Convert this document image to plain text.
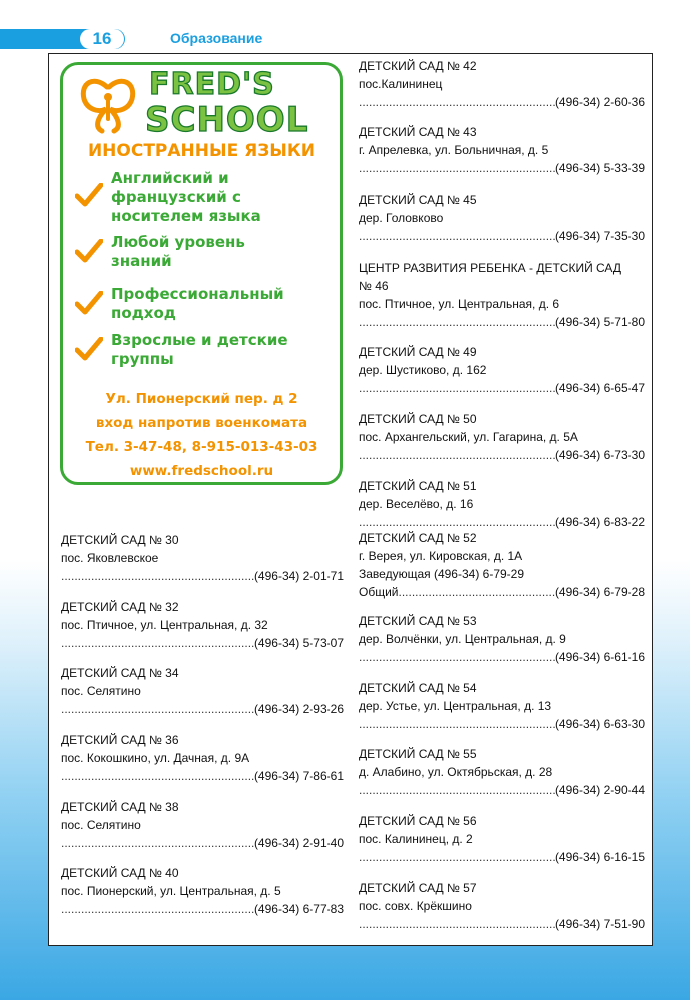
16	Образование
FRED'S
SCHOOL
ИНОСТРАННЫЕ ЯЗЫКИ
Английский и
французский с
носителем языка
Любой уровень
знаний
Профессиональный
подход
Взрослые и детские
группы
Ул. Пионерский пер. д 2
вход напротив военкомата
Тел. 3-47-48, 8-915-013-43-03
www.fredschool.ru
ДЕТСКИЙ САД № 30
пос. Яковлевское
.....
(496-34) 2-01-71
ДЕТСКИЙ САД № 32
пос. Птичное, ул. Центральная, д. 32
.....
(496-34) 5-73-07
ДЕТСКИЙ САД № 34
пос. Селятино
.....
(496-34) 2-93-26
ДЕТСКИЙ САД № 36
пос. Кокошкино, ул. Дачная, д. 9А
.....
(496-34) 7-86-61
ДЕТСКИЙ САД № 38
пос. Селятино
.....
(496-34) 2-91-40
ДЕТСКИЙ САД № 40
пос. Пионерский, ул. Центральная, д. 5
.....
(496-34) 6-77-83
ДЕТСКИЙ САД № 42
пос.Калининец
.....
(496-34) 2-60-36
ДЕТСКИЙ САД № 43
г. Апрелевка, ул. Больничная, д. 5
.....
(496-34) 5-33-39
ДЕТСКИЙ САД № 45
дер. Головково
.....
(496-34) 7-35-30
ЦЕНТР РАЗВИТИЯ РЕБЕНКА - ДЕТСКИЙ САД
№ 46
пос. Птичное, ул. Центральная, д. 6
.....
(496-34) 5-71-80
ДЕТСКИЙ САД № 49
дер. Шустиково, д. 162
.....
(496-34) 6-65-47
ДЕТСКИЙ САД № 50
пос. Архангельский, ул. Гагарина, д. 5А
.....
(496-34) 6-73-30
ДЕТСКИЙ САД № 51
дер. Веселёво, д. 16
.....
(496-34) 6-83-22
ДЕТСКИЙ САД № 52
г. Верея, ул. Кировская, д. 1А
Заведующая (496-34) 6-79-29
Общий
.....	(496-34) 6-79-28
ДЕТСКИЙ САД № 53
дер. Волчёнки, ул. Центральная, д. 9
.....
(496-34) 6-61-16
ДЕТСКИЙ САД № 54
дер. Устье, ул. Центральная, д. 13
.....
(496-34) 6-63-30
ДЕТСКИЙ САД № 55
д. Алабино, ул. Октябрьская, д. 28
.....
(496-34) 2-90-44
ДЕТСКИЙ САД № 56
пос. Калининец, д. 2
.....
(496-34) 6-16-15
ДЕТСКИЙ САД № 57
пос. совх. Крёкшино
.....
(496-34) 7-51-90
